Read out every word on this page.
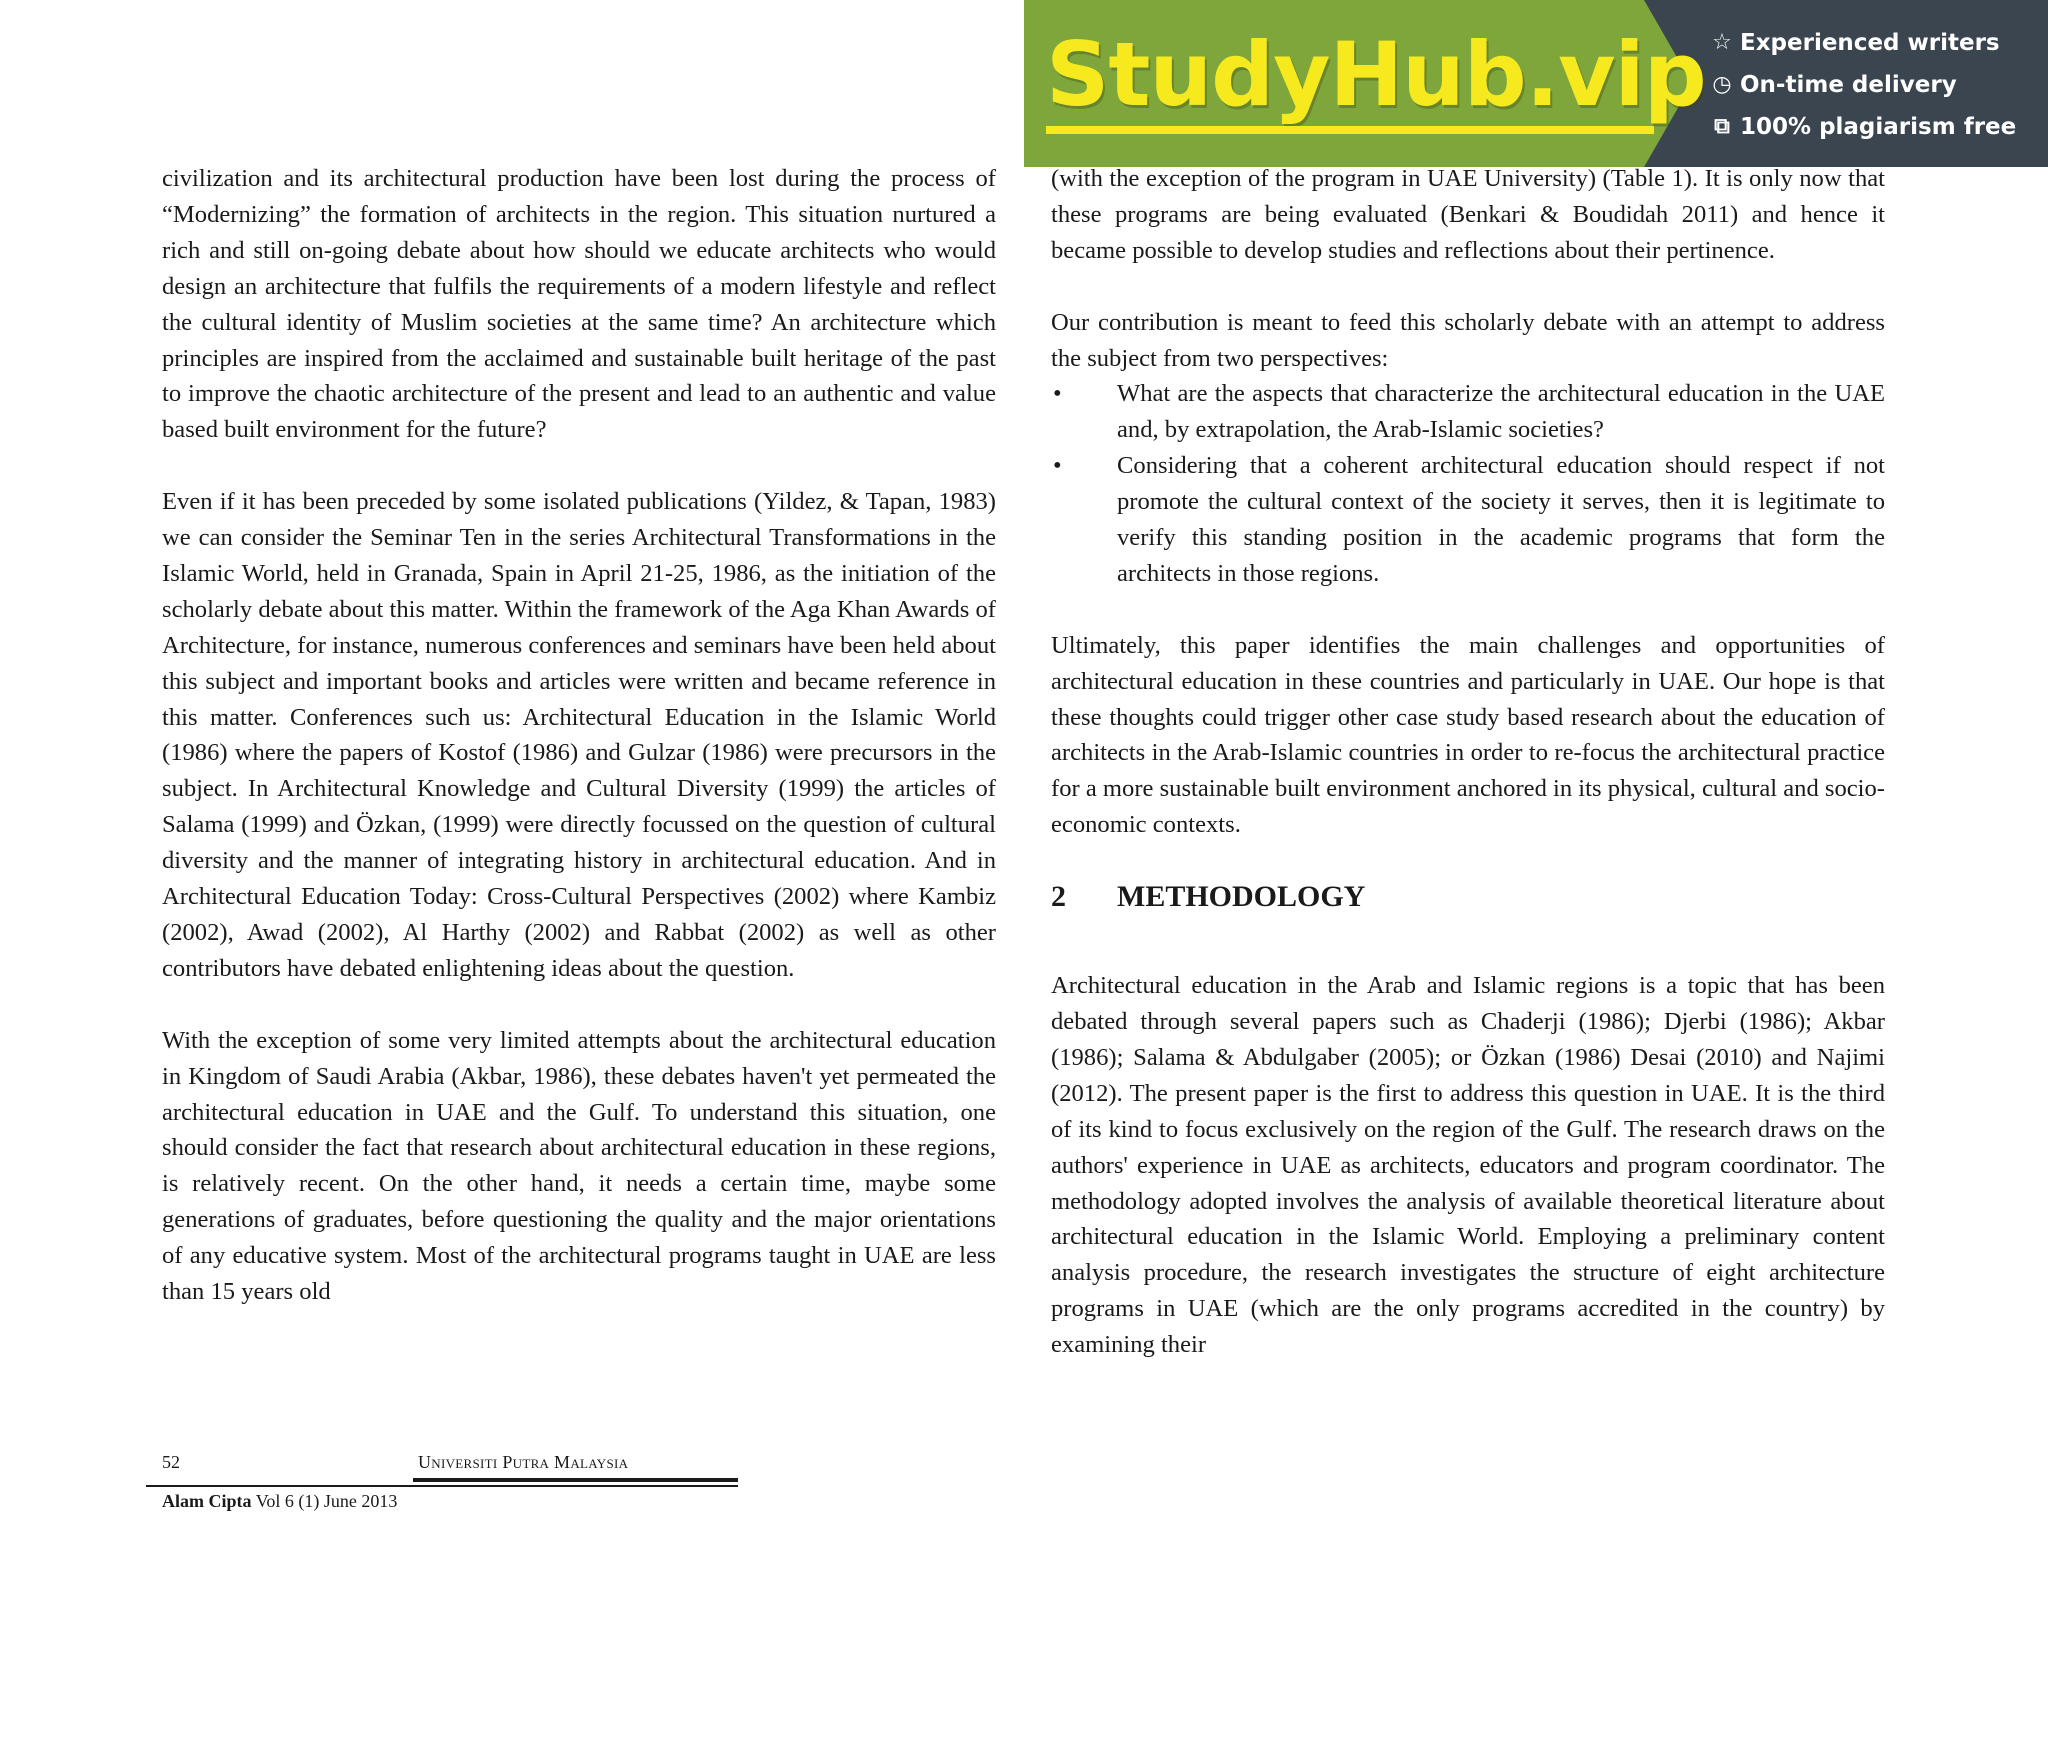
StudyHub.vip ☆ Experienced writers
◷ On-time delivery
⧉ 100% plagiarism free

civilization and its architectural production have been lost during the process of “Modernizing” the formation of architects in the region. This situation nurtured a rich and still on-going debate about how should we educate architects who would design an architecture that fulfils the requirements of a modern lifestyle and reflect the cultural identity of Muslim societies at the same time? An architecture which principles are inspired from the acclaimed and sustainable built heritage of the past to improve the chaotic architecture of the present and lead to an authentic and value based built environment for the future?

Even if it has been preceded by some isolated publications (Yildez, & Tapan, 1983) we can consider the Seminar Ten in the series Architectural Transformations in the Islamic World, held in Granada, Spain in April 21-25, 1986, as the initiation of the scholarly debate about this matter. Within the framework of the Aga Khan Awards of Architecture, for instance, numerous conferences and seminars have been held about this subject and important books and articles were written and became reference in this matter. Conferences such us: Architectural Education in the Islamic World (1986) where the papers of Kostof (1986) and Gulzar (1986) were precursors in the subject. In Architectural Knowledge and Cultural Diversity (1999) the articles of Salama (1999) and Özkan, (1999) were directly focussed on the question of cultural diversity and the manner of integrating history in architectural education. And in Architectural Education Today: Cross-Cultural Perspectives (2002) where Kambiz (2002), Awad (2002), Al Harthy (2002) and Rabbat (2002) as well as other contributors have debated enlightening ideas about the question.

With the exception of some very limited attempts about the architectural education in Kingdom of Saudi Arabia (Akbar, 1986), these debates haven't yet permeated the architectural education in UAE and the Gulf. To understand this situation, one should consider the fact that research about architectural education in these regions, is relatively recent. On the other hand, it needs a certain time, maybe some generations of graduates, before questioning the quality and the major orientations of any educative system. Most of the architectural programs taught in UAE are less than 15 years old

(with the exception of the program in UAE University) (Table 1). It is only now that these programs are being evaluated (Benkari & Boudidah 2011) and hence it became possible to develop studies and reflections about their pertinence.

Our contribution is meant to feed this scholarly debate with an attempt to address the subject from two perspectives:

• What are the aspects that characterize the architectural education in the UAE and, by extrapolation, the Arab-Islamic societies?
• Considering that a coherent architectural education should respect if not promote the cultural context of the society it serves, then it is legitimate to verify this standing position in the academic programs that form the architects in those regions.

Ultimately, this paper identifies the main challenges and opportunities of architectural education in these countries and particularly in UAE. Our hope is that these thoughts could trigger other case study based research about the education of architects in the Arab-Islamic countries in order to re-focus the architectural practice for a more sustainable built environment anchored in its physical, cultural and socio-economic contexts.

2	METHODOLOGY

Architectural education in the Arab and Islamic regions is a topic that has been debated through several papers such as Chaderji (1986); Djerbi (1986); Akbar (1986); Salama & Abdulgaber (2005); or Özkan (1986) Desai (2010) and Najimi (2012). The present paper is the first to address this question in UAE. It is the third of its kind to focus exclusively on the region of the Gulf. The research draws on the authors' experience in UAE as architects, educators and program coordinator. The methodology adopted involves the analysis of available theoretical literature about architectural education in the Islamic World. Employing a preliminary content analysis procedure, the research investigates the structure of eight architecture programs in UAE (which are the only programs accredited in the country) by examining their

52	Universiti Putra Malaysia
Alam Cipta Vol 6 (1) June 2013
